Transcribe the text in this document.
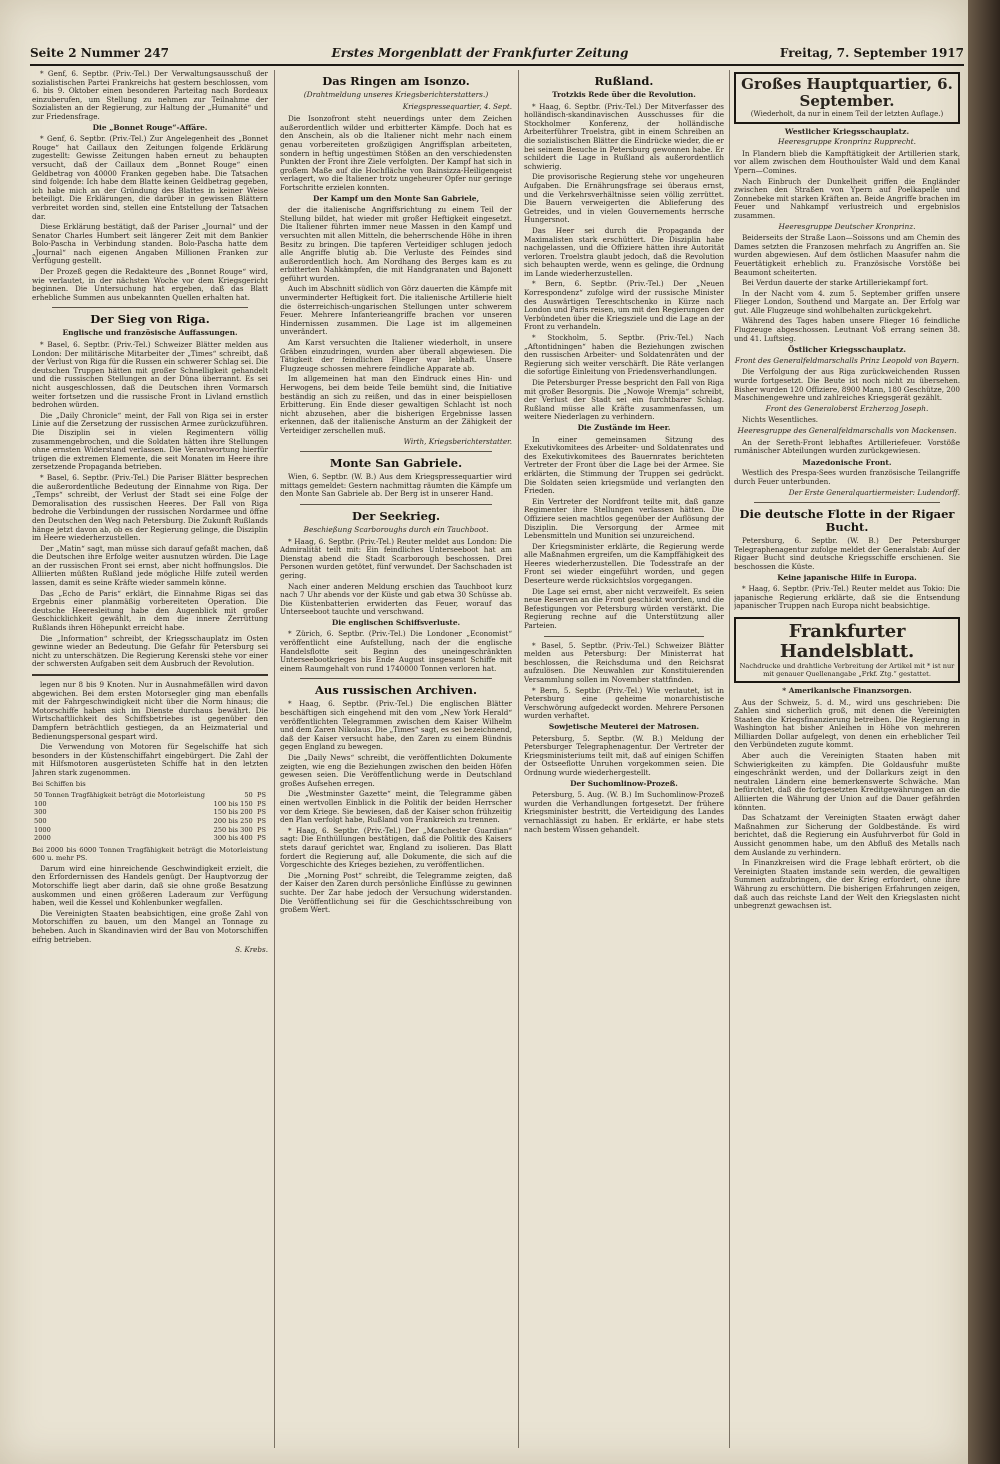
Seite 2 Nummer 247	Erstes Morgenblatt der Frankfurter Zeitung	Freitag, 7. September 1917

* Genf, 6. Septbr. (Priv.-Tel.) Der Verwaltungsausschuß der sozialistischen Partei Frankreichs hat gestern beschlossen, vom 6. bis 9. Oktober einen besonderen Parteitag nach Bordeaux einzuberufen, um Stellung zu nehmen zur Teilnahme der Sozialisten an der Regierung, zur Haltung der „Humanité“ und zur Friedensfrage.

Die „Bonnet Rouge“-Affäre.

* Genf, 6. Septbr. (Priv.-Tel.) Zur Angelegenheit des „Bonnet Rouge“ hat Caillaux den Zeitungen folgende Erklärung zugestellt: Gewisse Zeitungen haben erneut zu behaupten versucht, daß der Caillaux dem „Bonnet Rouge“ einen Geldbetrag von 40000 Franken gegeben habe. Die Tatsachen sind folgende: Ich habe dem Blatte keinen Geldbetrag gegeben, ich habe mich an der Gründung des Blattes in keiner Weise beteiligt. Die Erklärungen, die darüber in gewissen Blättern verbreitet worden sind, stellen eine Entstellung der Tatsachen dar.

Diese Erklärung bestätigt, daß der Pariser „Journal“ und der Senator Charles Humbert seit längerer Zeit mit dem Bankier Bolo-Pascha in Verbindung standen. Bolo-Pascha hatte dem „Journal“ nach eigenen Angaben Millionen Franken zur Verfügung gestellt.

Der Prozeß gegen die Redakteure des „Bonnet Rouge“ wird, wie verlautet, in der nächsten Woche vor dem Kriegsgericht beginnen. Die Untersuchung hat ergeben, daß das Blatt erhebliche Summen aus unbekannten Quellen erhalten hat.

Der Sieg von Riga.
Englische und französische Auffassungen.

* Basel, 6. Septbr. (Priv.-Tel.) Schweizer Blätter melden aus London: Der militärische Mitarbeiter der „Times“ schreibt, daß der Verlust von Riga für die Russen ein schwerer Schlag sei. Die deutschen Truppen hätten mit großer Schnelligkeit gehandelt und die russischen Stellungen an der Düna überrannt. Es sei nicht ausgeschlossen, daß die Deutschen ihren Vormarsch weiter fortsetzen und die russische Front in Livland ernstlich bedrohen würden.

Die „Daily Chronicle“ meint, der Fall von Riga sei in erster Linie auf die Zersetzung der russischen Armee zurückzuführen. Die Disziplin sei in vielen Regimentern völlig zusammengebrochen, und die Soldaten hätten ihre Stellungen ohne ernsten Widerstand verlassen. Die Verantwortung hierfür trügen die extremen Elemente, die seit Monaten im Heere ihre zersetzende Propaganda betrieben.

* Basel, 6. Septbr. (Priv.-Tel.) Die Pariser Blätter besprechen die außerordentliche Bedeutung der Einnahme von Riga. Der „Temps“ schreibt, der Verlust der Stadt sei eine Folge der Demoralisation des russischen Heeres. Der Fall von Riga bedrohe die Verbindungen der russischen Nordarmee und öffne den Deutschen den Weg nach Petersburg. Die Zukunft Rußlands hänge jetzt davon ab, ob es der Regierung gelinge, die Disziplin im Heere wiederherzustellen.

Der „Matin“ sagt, man müsse sich darauf gefaßt machen, daß die Deutschen ihre Erfolge weiter ausnutzen würden. Die Lage an der russischen Front sei ernst, aber nicht hoffnungslos. Die Alliierten müßten Rußland jede mögliche Hilfe zuteil werden lassen, damit es seine Kräfte wieder sammeln könne.

Das „Echo de Paris“ erklärt, die Einnahme Rigas sei das Ergebnis einer planmäßig vorbereiteten Operation. Die deutsche Heeresleitung habe den Augenblick mit großer Geschicklichkeit gewählt, in dem die innere Zerrüttung Rußlands ihren Höhepunkt erreicht habe.

Die „Information“ schreibt, der Kriegsschauplatz im Osten gewinne wieder an Bedeutung. Die Gefahr für Petersburg sei nicht zu unterschätzen. Die Regierung Kerenski stehe vor einer der schwersten Aufgaben seit dem Ausbruch der Revolution.

legen nur 8 bis 9 Knoten. Nur in Ausnahmefällen wird davon abgewichen. Bei dem ersten Motorsegler ging man ebenfalls mit der Fahrgeschwindigkeit nicht über die Norm hinaus; die Motorschiffe haben sich im Dienste durchaus bewährt. Die Wirtschaftlichkeit des Schiffsbetriebes ist gegenüber den Dampfern beträchtlich gestiegen, da an Heizmaterial und Bedienungspersonal gespart wird.

Die Verwendung von Motoren für Segelschiffe hat sich besonders in der Küstenschiffahrt eingebürgert. Die Zahl der mit Hilfsmotoren ausgerüsteten Schiffe hat in den letzten Jahren stark zugenommen.

Bei Schiffen bis
50 Tonnen Tragfähigkeit beträgt die Motorleistung	50	PS
100	100 bis 150	PS
300	150 bis 200	PS
500	200 bis 250	PS
1000	250 bis 300	PS
2000	300 bis 400	PS

Bei 2000 bis 6000 Tonnen Tragfähigkeit beträgt die Motorleistung 600 u. mehr PS.

Darum wird eine hinreichende Geschwindigkeit erzielt, die den Erfordernissen des Handels genügt. Der Hauptvorzug der Motorschiffe liegt aber darin, daß sie ohne große Besatzung auskommen und einen größeren Laderaum zur Verfügung haben, weil die Kessel und Kohlenbunker wegfallen.

Die Vereinigten Staaten beabsichtigen, eine große Zahl von Motorschiffen zu bauen, um den Mangel an Tonnage zu beheben. Auch in Skandinavien wird der Bau von Motorschiffen eifrig betrieben.

S. Krebs.
Das Ringen am Isonzo.
(Drahtmeldung unseres Kriegsberichterstatters.)
Kriegspressequartier, 4. Sept.

Die Isonzofront steht neuerdings unter dem Zeichen außerordentlich wilder und erbitterter Kämpfe. Doch hat es den Anschein, als ob die Italiener nicht mehr nach einem genau vorbereiteten großzügigen Angriffsplan arbeiteten, sondern in heftig ungestümen Stößen an den verschiedensten Punkten der Front ihre Ziele verfolgten. Der Kampf hat sich in großem Maße auf die Hochfläche von Bainsizza-Heiligengeist verlagert, wo die Italiener trotz ungeheurer Opfer nur geringe Fortschritte erzielen konnten.

Der Kampf um den Monte San Gabriele,

der die italienische Angriffsrichtung zu einem Teil der Stellung bildet, hat wieder mit großer Heftigkeit eingesetzt. Die Italiener führten immer neue Massen in den Kampf und versuchten mit allen Mitteln, die beherrschende Höhe in ihren Besitz zu bringen. Die tapferen Verteidiger schlugen jedoch alle Angriffe blutig ab. Die Verluste des Feindes sind außerordentlich hoch. Am Nordhang des Berges kam es zu erbitterten Nahkämpfen, die mit Handgranaten und Bajonett geführt wurden.

Auch im Abschnitt südlich von Görz dauerten die Kämpfe mit unverminderter Heftigkeit fort. Die italienische Artillerie hielt die österreichisch-ungarischen Stellungen unter schwerem Feuer. Mehrere Infanterieangriffe brachen vor unseren Hindernissen zusammen. Die Lage ist im allgemeinen unverändert.

Am Karst versuchten die Italiener wiederholt, in unsere Gräben einzudringen, wurden aber überall abgewiesen. Die Tätigkeit der feindlichen Flieger war lebhaft. Unsere Flugzeuge schossen mehrere feindliche Apparate ab.

Im allgemeinen hat man den Eindruck eines Hin- und Herwogens, bei dem beide Teile bemüht sind, die Initiative beständig an sich zu reißen, und das in einer beispiellosen Erbitterung. Ein Ende dieser gewaltigen Schlacht ist noch nicht abzusehen, aber die bisherigen Ergebnisse lassen erkennen, daß der italienische Ansturm an der Zähigkeit der Verteidiger zerschellen muß.

Wirth, Kriegsberichterstatter.
Monte San Gabriele.

Wien, 6. Septbr. (W. B.) Aus dem Kriegspressequartier wird mittags gemeldet: Gestern nachmittag räumten die Kämpfe um den Monte San Gabriele ab. Der Berg ist in unserer Hand.

Der Seekrieg.
Beschießung Scarboroughs durch ein Tauchboot.

* Haag, 6. Septbr. (Priv.-Tel.) Reuter meldet aus London: Die Admiralität teilt mit: Ein feindliches Unterseeboot hat am Dienstag abend die Stadt Scarborough beschossen. Drei Personen wurden getötet, fünf verwundet. Der Sachschaden ist gering.

Nach einer anderen Meldung erschien das Tauchboot kurz nach 7 Uhr abends vor der Küste und gab etwa 30 Schüsse ab. Die Küstenbatterien erwiderten das Feuer, worauf das Unterseeboot tauchte und verschwand.

Die englischen Schiffsverluste.

* Zürich, 6. Septbr. (Priv.-Tel.) Die Londoner „Economist“ veröffentlicht eine Aufstellung, nach der die englische Handelsflotte seit Beginn des uneingeschränkten Unterseebootkrieges bis Ende August insgesamt Schiffe mit einem Raumgehalt von rund 1740000 Tonnen verloren hat.

Aus russischen Archiven.

* Haag, 6. Septbr. (Priv.-Tel.) Die englischen Blätter beschäftigen sich eingehend mit den vom „New York Herald“ veröffentlichten Telegrammen zwischen dem Kaiser Wilhelm und dem Zaren Nikolaus. Die „Times“ sagt, es sei bezeichnend, daß der Kaiser versucht habe, den Zaren zu einem Bündnis gegen England zu bewegen.

Die „Daily News“ schreibt, die veröffentlichten Dokumente zeigten, wie eng die Beziehungen zwischen den beiden Höfen gewesen seien. Die Veröffentlichung werde in Deutschland großes Aufsehen erregen.

Die „Westminster Gazette“ meint, die Telegramme gäben einen wertvollen Einblick in die Politik der beiden Herrscher vor dem Kriege. Sie bewiesen, daß der Kaiser schon frühzeitig den Plan verfolgt habe, Rußland von Frankreich zu trennen.

* Haag, 6. Septbr. (Priv.-Tel.) Der „Manchester Guardian“ sagt: Die Enthüllungen bestätigen, daß die Politik des Kaisers stets darauf gerichtet war, England zu isolieren. Das Blatt fordert die Regierung auf, alle Dokumente, die sich auf die Vorgeschichte des Krieges beziehen, zu veröffentlichen.

Die „Morning Post“ schreibt, die Telegramme zeigten, daß der Kaiser den Zaren durch persönliche Einflüsse zu gewinnen suchte. Der Zar habe jedoch der Versuchung widerstanden. Die Veröffentlichung sei für die Geschichtsschreibung von großem Wert.

Rußland.
Trotzkis Rede über die Revolution.

* Haag, 6. Septbr. (Priv.-Tel.) Der Mitverfasser des holländisch-skandinavischen Ausschusses für die Stockholmer Konferenz, der holländische Arbeiterführer Troelstra, gibt in einem Schreiben an die sozialistischen Blätter die Eindrücke wieder, die er bei seinem Besuche in Petersburg gewonnen habe. Er schildert die Lage in Rußland als außerordentlich schwierig.

Die provisorische Regierung stehe vor ungeheuren Aufgaben. Die Ernährungsfrage sei überaus ernst, und die Verkehrsverhältnisse seien völlig zerrüttet. Die Bauern verweigerten die Ablieferung des Getreides, und in vielen Gouvernements herrsche Hungersnot.

Das Heer sei durch die Propaganda der Maximalisten stark erschüttert. Die Disziplin habe nachgelassen, und die Offiziere hätten ihre Autorität verloren. Troelstra glaubt jedoch, daß die Revolution sich behaupten werde, wenn es gelinge, die Ordnung im Lande wiederherzustellen.

* Bern, 6. Septbr. (Priv.-Tel.) Der „Neuen Korrespondenz“ zufolge wird der russische Minister des Auswärtigen Tereschtschenko in Kürze nach London und Paris reisen, um mit den Regierungen der Verbündeten über die Kriegsziele und die Lage an der Front zu verhandeln.

* Stockholm, 5. Septbr. (Priv.-Tel.) Nach „Aftontidningen“ haben die Beziehungen zwischen den russischen Arbeiter- und Soldatenräten und der Regierung sich weiter verschärft. Die Räte verlangen die sofortige Einleitung von Friedensverhandlungen.

Die Petersburger Presse bespricht den Fall von Riga mit großer Besorgnis. Die „Nowoje Wremja“ schreibt, der Verlust der Stadt sei ein furchtbarer Schlag. Rußland müsse alle Kräfte zusammenfassen, um weitere Niederlagen zu verhindern.

Die Zustände im Heer.

In einer gemeinsamen Sitzung des Exekutivkomitees des Arbeiter- und Soldatenrates und des Exekutivkomitees des Bauernrates berichteten Vertreter der Front über die Lage bei der Armee. Sie erklärten, die Stimmung der Truppen sei gedrückt. Die Soldaten seien kriegsmüde und verlangten den Frieden.

Ein Vertreter der Nordfront teilte mit, daß ganze Regimenter ihre Stellungen verlassen hätten. Die Offiziere seien machtlos gegenüber der Auflösung der Disziplin. Die Versorgung der Armee mit Lebensmitteln und Munition sei unzureichend.

Der Kriegsminister erklärte, die Regierung werde alle Maßnahmen ergreifen, um die Kampffähigkeit des Heeres wiederherzustellen. Die Todesstrafe an der Front sei wieder eingeführt worden, und gegen Deserteure werde rücksichtslos vorgegangen.

Die Lage sei ernst, aber nicht verzweifelt. Es seien neue Reserven an die Front geschickt worden, und die Befestigungen vor Petersburg würden verstärkt. Die Regierung rechne auf die Unterstützung aller Parteien.

* Basel, 5. Septbr. (Priv.-Tel.) Schweizer Blätter melden aus Petersburg: Der Ministerrat hat beschlossen, die Reichsduma und den Reichsrat aufzulösen. Die Neuwahlen zur Konstituierenden Versammlung sollen im November stattfinden.

* Bern, 5. Septbr. (Priv.-Tel.) Wie verlautet, ist in Petersburg eine geheime monarchistische Verschwörung aufgedeckt worden. Mehrere Personen wurden verhaftet.

Sowjetische Meuterei der Matrosen.

Petersburg, 5. Septbr. (W. B.) Meldung der Petersburger Telegraphenagentur. Der Vertreter der Kriegsministeriums teilt mit, daß auf einigen Schiffen der Ostseeflotte Unruhen vorgekommen seien. Die Ordnung wurde wiederhergestellt.

Der Suchomlinow-Prozeß.

Petersburg, 5. Aug. (W. B.) Im Suchomlinow-Prozeß wurden die Verhandlungen fortgesetzt. Der frühere Kriegsminister bestritt, die Verteidigung des Landes vernachlässigt zu haben. Er erklärte, er habe stets nach bestem Wissen gehandelt.

Großes Hauptquartier, 6. September.
(Wiederholt, da nur in einem Teil der letzten Auflage.)
Westlicher Kriegsschauplatz.
Heeresgruppe Kronprinz Rupprecht.

In Flandern blieb die Kampftätigkeit der Artillerien stark, vor allem zwischen dem Houthoulster Wald und dem Kanal Ypern—Comines.

Nach Einbruch der Dunkelheit griffen die Engländer zwischen den Straßen von Ypern auf Poelkapelle und Zonnebeke mit starken Kräften an. Beide Angriffe brachen im Feuer und Nahkampf verlustreich und ergebnislos zusammen.

Heeresgruppe Deutscher Kronprinz.

Beiderseits der Straße Laon—Soissons und am Chemin des Dames setzten die Franzosen mehrfach zu Angriffen an. Sie wurden abgewiesen. Auf dem östlichen Maasufer nahm die Feuertätigkeit erheblich zu. Französische Vorstöße bei Beaumont scheiterten.

Bei Verdun dauerte der starke Artilleriekampf fort.

In der Nacht vom 4. zum 5. September griffen unsere Flieger London, Southend und Margate an. Der Erfolg war gut. Alle Flugzeuge sind wohlbehalten zurückgekehrt.

Während des Tages haben unsere Flieger 16 feindliche Flugzeuge abgeschossen. Leutnant Voß errang seinen 38. und 41. Luftsieg.

Östlicher Kriegsschauplatz.
Front des Generalfeldmarschalls Prinz Leopold von Bayern.

Die Verfolgung der aus Riga zurückweichenden Russen wurde fortgesetzt. Die Beute ist noch nicht zu übersehen. Bisher wurden 120 Offiziere, 8900 Mann, 180 Geschütze, 200 Maschinengewehre und zahlreiches Kriegsgerät gezählt.

Front des Generaloberst Erzherzog Joseph.

Nichts Wesentliches.

Heeresgruppe des Generalfeldmarschalls von Mackensen.

An der Sereth-Front lebhaftes Artilleriefeuer. Vorstöße rumänischer Abteilungen wurden zurückgewiesen.

Mazedonische Front.

Westlich des Prespa-Sees wurden französische Teilangriffe durch Feuer unterbunden.

Der Erste Generalquartiermeister: Ludendorff.
Die deutsche Flotte in der Rigaer Bucht.

Petersburg, 6. Septbr. (W. B.) Der Petersburger Telegraphenagentur zufolge meldet der Generalstab: Auf der Rigaer Bucht sind deutsche Kriegsschiffe erschienen. Sie beschossen die Küste.

Keine japanische Hilfe in Europa.

* Haag, 6. Septbr. (Priv.-Tel.) Reuter meldet aus Tokio: Die japanische Regierung erklärte, daß sie die Entsendung japanischer Truppen nach Europa nicht beabsichtige.

Frankfurter Handelsblatt.
Nachdrucke und drahtliche Verbreitung der Artikel mit * ist nur mit genauer Quellenangabe „Frkf. Ztg.“ gestattet.
* Amerikanische Finanzsorgen.

Aus der Schweiz, 5. d. M., wird uns geschrieben: Die Zahlen sind sicherlich groß, mit denen die Vereinigten Staaten die Kriegsfinanzierung betreiben. Die Regierung in Washington hat bisher Anleihen in Höhe von mehreren Milliarden Dollar aufgelegt, von denen ein erheblicher Teil den Verbündeten zugute kommt.

Aber auch die Vereinigten Staaten haben mit Schwierigkeiten zu kämpfen. Die Goldausfuhr mußte eingeschränkt werden, und der Dollarkurs zeigt in den neutralen Ländern eine bemerkenswerte Schwäche. Man befürchtet, daß die fortgesetzten Kreditgewährungen an die Alliierten die Währung der Union auf die Dauer gefährden könnten.

Das Schatzamt der Vereinigten Staaten erwägt daher Maßnahmen zur Sicherung der Goldbestände. Es wird berichtet, daß die Regierung ein Ausfuhrverbot für Gold in Aussicht genommen habe, um den Abfluß des Metalls nach dem Auslande zu verhindern.

In Finanzkreisen wird die Frage lebhaft erörtert, ob die Vereinigten Staaten imstande sein werden, die gewaltigen Summen aufzubringen, die der Krieg erfordert, ohne ihre Währung zu erschüttern. Die bisherigen Erfahrungen zeigen, daß auch das reichste Land der Welt den Kriegslasten nicht unbegrenzt gewachsen ist.
